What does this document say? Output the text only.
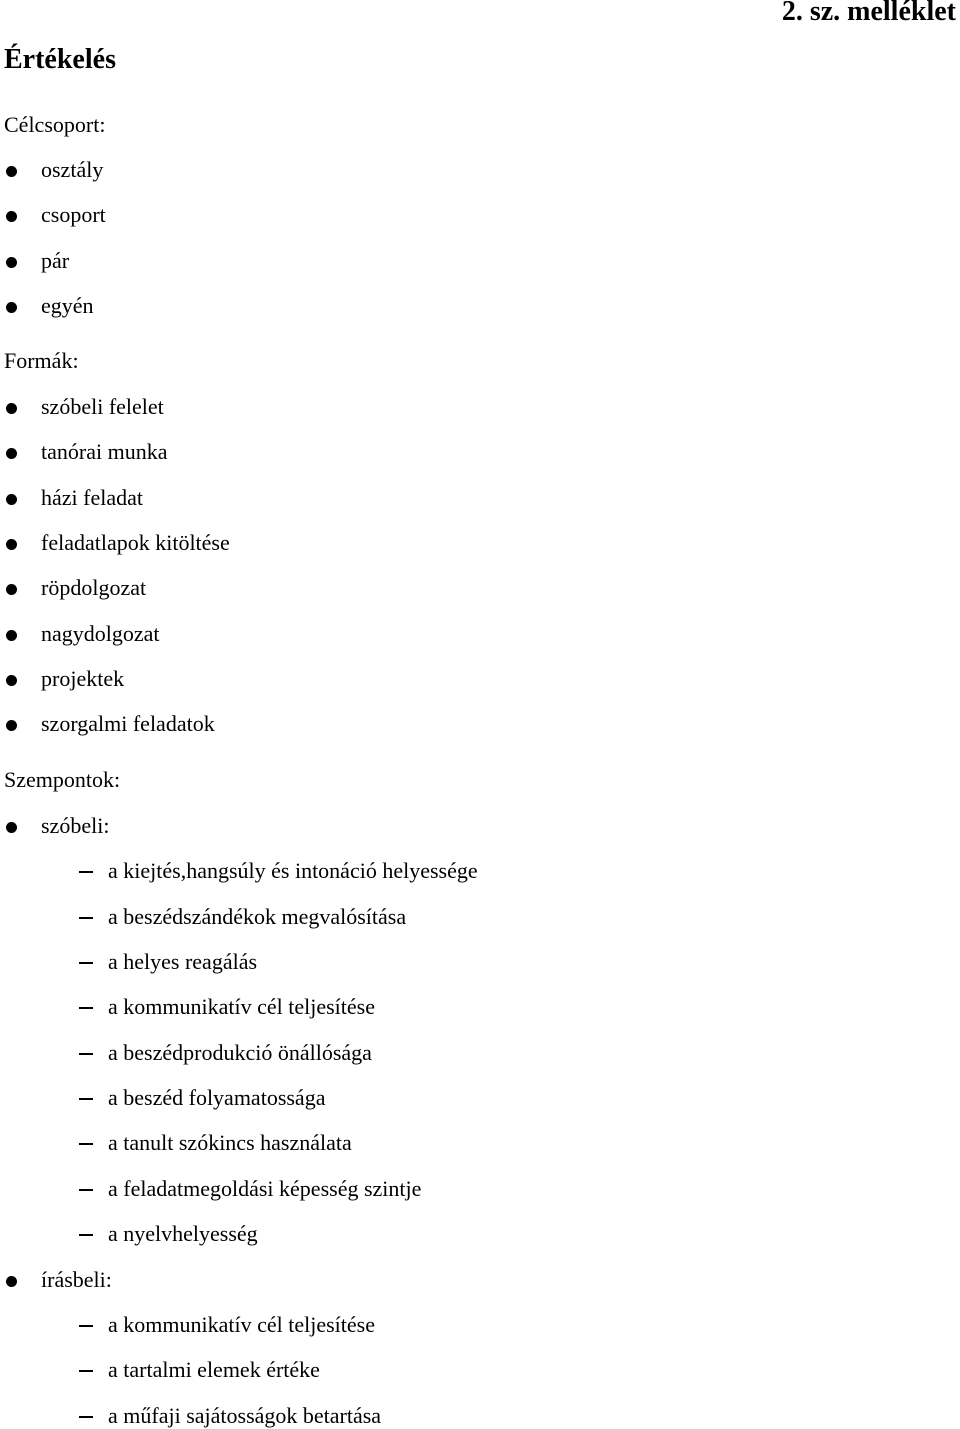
2. sz. melléklet
Értékelés
Célcsoport:
osztály
csoport
pár
egyén
Formák:
szóbeli felelet
tanórai munka
házi feladat
feladatlapok kitöltése
röpdolgozat
nagydolgozat
projektek
szorgalmi feladatok
Szempontok:
szóbeli:
a kiejtés,hangsúly és intonáció helyessége
a beszédszándékok megvalósítása
a helyes reagálás
a kommunikatív cél teljesítése
a beszédprodukció önállósága
a beszéd folyamatossága
a tanult szókincs használata
a feladatmegoldási képesség szintje
a nyelvhelyesség
írásbeli:
a kommunikatív cél teljesítése
a tartalmi elemek értéke
a műfaji sajátosságok betartása
